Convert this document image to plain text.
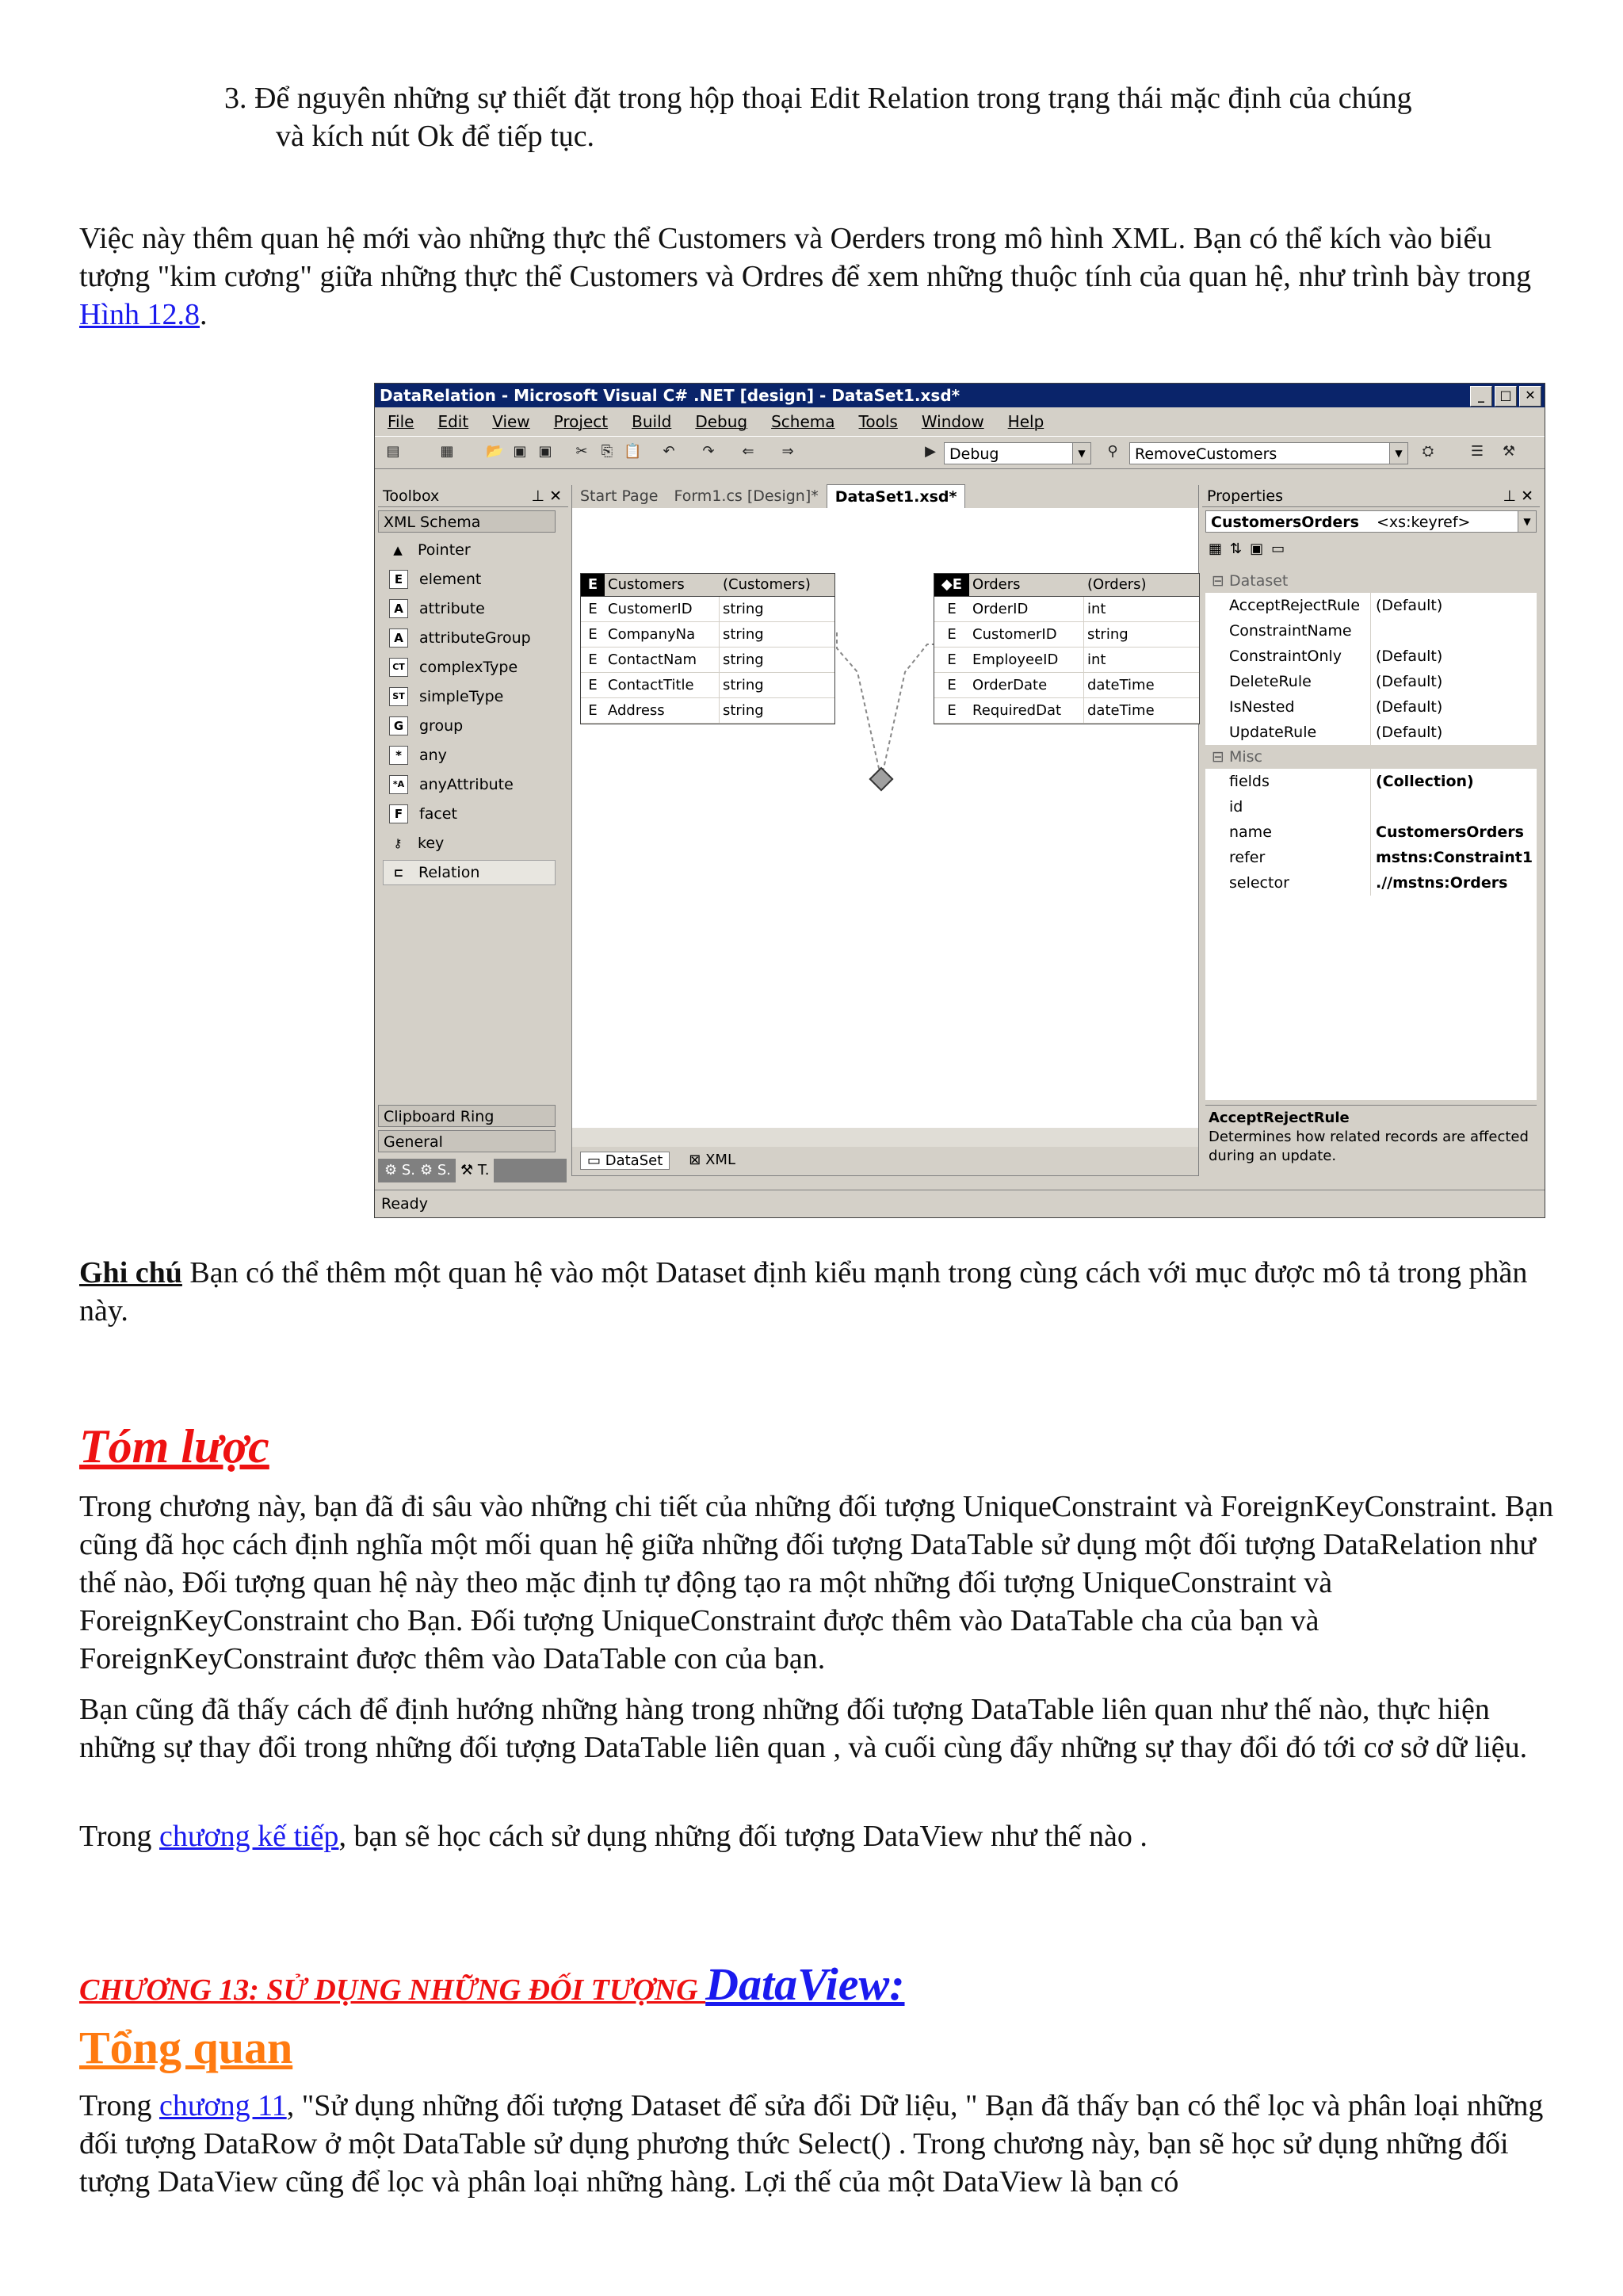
3. Để nguyên những sự thiết đặt trong hộp thoại Edit Relation trong trạng thái mặc định của chúng

và kích nút Ok để tiếp tục.

Việc này thêm quan hệ mới vào những thực thể Customers và Oerders trong mô hình XML. Bạn có thể kích vào biểu tượng "kim cương" giữa những thực thể Customers và Ordres để xem những thuộc tính của quan hệ, như trình bày trong Hình 12.8.

DataRelation - Microsoft Visual C# .NET [design] - DataSet1.xsd*	_	□	✕
File Edit View Project Build Debug Schema Tools Window Help
▤	▦ 📂 ▣ ▣ ✂ ⎘ 📋 ↶ ↷ ⇐ ⇒	▶ Debug	▼	⚲	RemoveCustomers	▼	⛭	☰ ⚒
Toolbox	⊥ ✕
XML Schema
▲ Pointer
E	element
A	attribute
A	attributeGroup
CT complexType
ST simpleType
G	group
*	any
*A anyAttribute
F	facet
⚷ key
⊏ Relation
Clipboard Ring
General
⚙ S. ⚙ S. ⚒ T.
Start Page	Form1.cs [Design]*	DataSet1.xsd*
E Customers	(Customers)
E CustomerID	string
E CompanyNa	string
E ContactNam	string
E ContactTitle	string
E Address	string
◆E Orders	(Orders)
E	OrderID	int
E	CustomerID	string
E	EmployeeID	int
E	OrderDate	dateTime
E	RequiredDat	dateTime
▭ DataSet	⊠ XML
Properties	⊥ ✕
CustomersOrders <xs:keyref>	▼
▦ ⇅ ▣ ▭
⊟ Dataset
AcceptRejectRule	(Default)
ConstraintName
ConstraintOnly	(Default)
DeleteRule	(Default)
IsNested	(Default)
UpdateRule	(Default)
⊟ Misc
fields	(Collection)
id
name	CustomersOrders
refer	mstns:Constraint1
selector	.//mstns:Orders
AcceptRejectRule
Determines how related records are affected during an update.
Ready

Ghi chú Bạn có thể thêm một quan hệ vào một Dataset định kiểu mạnh trong cùng cách với mục được mô tả trong phần này.

Tóm lược

Trong chương này, bạn đã đi sâu vào những chi tiết của những đối tượng UniqueConstraint và ForeignKeyConstraint. Bạn cũng đã học cách định nghĩa một mối quan hệ giữa những đối tượng DataTable sử dụng một đối tượng DataRelation như thế nào, Đối tượng quan hệ này theo mặc định tự động tạo ra một những đối tượng UniqueConstraint và ForeignKeyConstraint cho Bạn. Đối tượng UniqueConstraint được thêm vào DataTable cha của bạn và ForeignKeyConstraint được thêm vào DataTable con của bạn.

Bạn cũng đã thấy cách để định hướng những hàng trong những đối tượng DataTable liên quan như thế nào, thực hiện những sự thay đổi trong những đối tượng DataTable liên quan , và cuối cùng đẩy những sự thay đổi đó tới cơ sở dữ liệu.

Trong chương kế tiếp, bạn sẽ học cách sử dụng những đối tượng DataView như thế nào .

CHƯƠNG 13: SỬ DỤNG NHỮNG ĐỐI TƯỢNG DataView:
Tổng quan

Trong chương 11, "Sử dụng những đối tượng Dataset để sửa đổi Dữ liệu, " Bạn đã thấy bạn có thể lọc và phân loại những đối tượng DataRow ở một DataTable sử dụng phương thức Select() . Trong chương này, bạn sẽ học sử dụng những đối tượng DataView cũng để lọc và phân loại những hàng. Lợi thế của một DataView là bạn có
